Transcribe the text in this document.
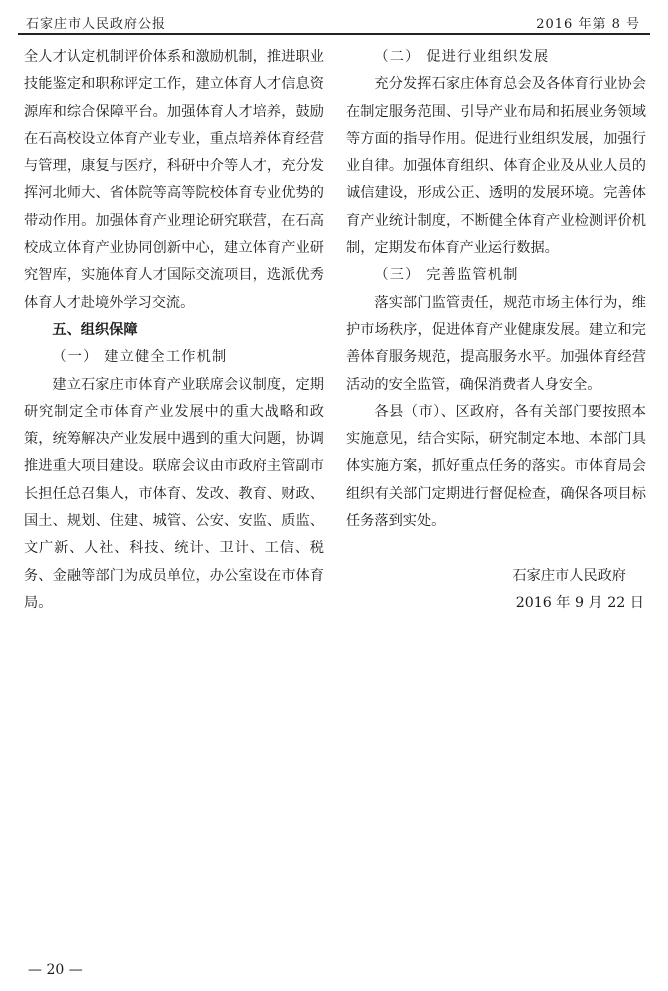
石家庄市人民政府公报	2016 年第 8 号

全人才认定机制评价体系和激励机制，推进职业技能鉴定和职称评定工作，建立体育人才信息资源库和综合保障平台。加强体育人才培养，鼓励在石高校设立体育产业专业，重点培养体育经营与管理，康复与医疗，科研中介等人才，充分发挥河北师大、省体院等高等院校体育专业优势的带动作用。加强体育产业理论研究联营，在石高校成立体育产业协同创新中心，建立体育产业研究智库，实施体育人才国际交流项目，选派优秀体育人才赴境外学习交流。

五、组织保障

（一） 建立健全工作机制

建立石家庄市体育产业联席会议制度，定期研究制定全市体育产业发展中的重大战略和政策，统筹解决产业发展中遇到的重大问题，协调推进重大项目建设。联席会议由市政府主管副市长担任总召集人，市体育、发改、教育、财政、国土、规划、住建、城管、公安、安监、质监、文广新、人社、科技、统计、卫计、工信、税务、金融等部门为成员单位，办公室设在市体育局。

（二） 促进行业组织发展

充分发挥石家庄体育总会及各体育行业协会在制定服务范围、引导产业布局和拓展业务领域等方面的指导作用。促进行业组织发展，加强行业自律。加强体育组织、体育企业及从业人员的诚信建设，形成公正、透明的发展环境。完善体育产业统计制度，不断健全体育产业检测评价机制，定期发布体育产业运行数据。

（三） 完善监管机制

落实部门监管责任，规范市场主体行为，维护市场秩序，促进体育产业健康发展。建立和完善体育服务规范，提高服务水平。加强体育经营活动的安全监管，确保消费者人身安全。

各县（市）、区政府，各有关部门要按照本实施意见，结合实际，研究制定本地、本部门具体实施方案，抓好重点任务的落实。市体育局会组织有关部门定期进行督促检查，确保各项目标任务落到实处。

石家庄市人民政府

2016 年 9 月 22 日

— 20 —
